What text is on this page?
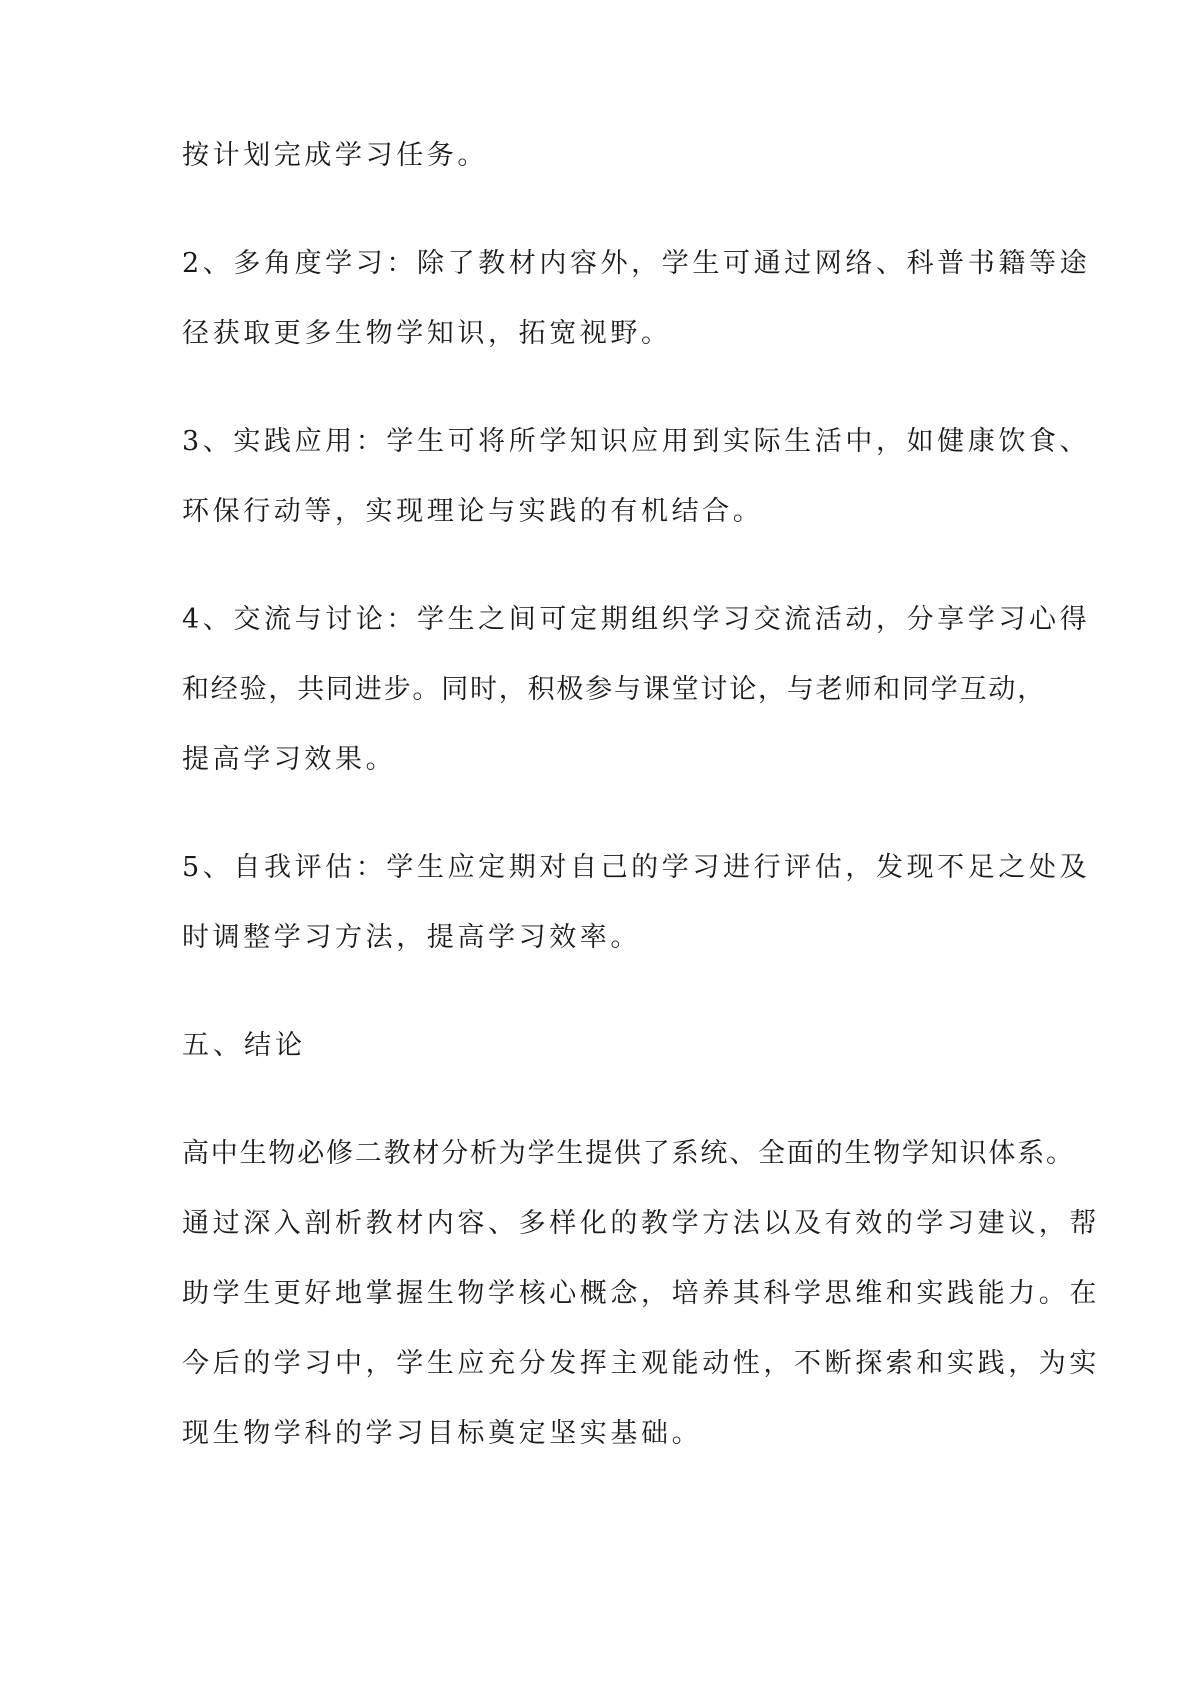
按计划完成学习任务。
2、多角度学习：除了教材内容外，学生可通过网络、科普书籍等途
径获取更多生物学知识，拓宽视野。
3、实践应用：学生可将所学知识应用到实际生活中，如健康饮食、
环保行动等，实现理论与实践的有机结合。
4、交流与讨论：学生之间可定期组织学习交流活动，分享学习心得
和经验，共同进步。同时，积极参与课堂讨论，与老师和同学互动，
提高学习效果。
5、自我评估：学生应定期对自己的学习进行评估，发现不足之处及
时调整学习方法，提高学习效率。
五、结论
高中生物必修二教材分析为学生提供了系统、全面的生物学知识体系。
通过深入剖析教材内容、多样化的教学方法以及有效的学习建议，帮
助学生更好地掌握生物学核心概念，培养其科学思维和实践能力。在
今后的学习中，学生应充分发挥主观能动性，不断探索和实践，为实
现生物学科的学习目标奠定坚实基础。
